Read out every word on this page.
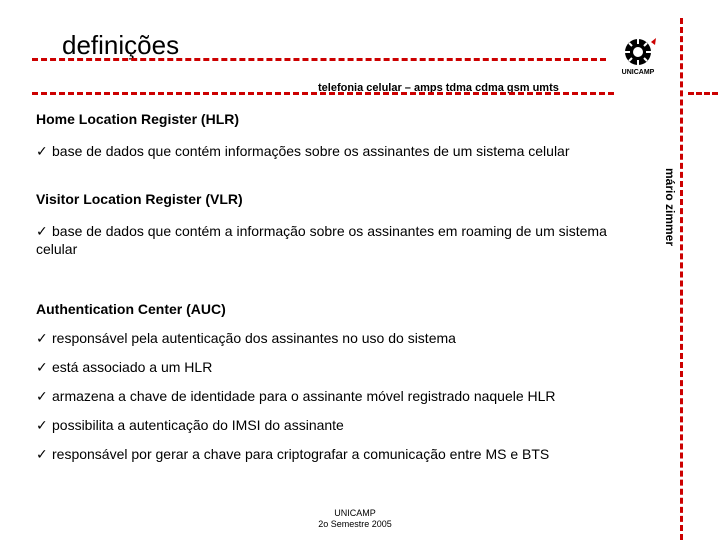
definições
UNICAMP
telefonia celular – amps tdma cdma gsm umts
mário zimmer

Home Location Register (HLR)

✓ base de dados que contém informações sobre os assinantes de um sistema celular

Visitor Location Register (VLR)

✓ base de dados que contém a informação sobre os assinantes em roaming de um sistema celular

Authentication Center (AUC)

✓ responsável pela autenticação dos assinantes no uso do sistema

✓ está associado a um HLR

✓ armazena a chave de identidade para o assinante móvel registrado naquele HLR

✓ possibilita a autenticação do IMSI do assinante

✓ responsável por gerar a chave para criptografar a comunicação entre MS e BTS

UNICAMP
2o Semestre 2005
